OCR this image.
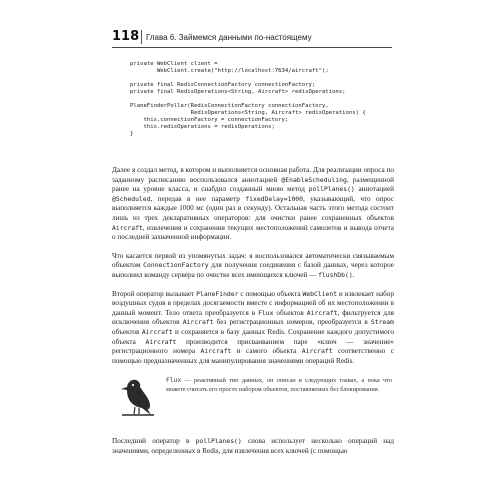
118 Глава 6. Займемся данными по-настоящему
private WebClient client =
WebClient.create("http://localhost:7634/aircraft");

private final RedisConnectionFactory connectionFactory;
private final RedisOperations<String, Aircraft> redisOperations;

PlaneFinderPoller(RedisConnectionFactory connectionFactory,
RedisOperations<String, Aircraft> redisOperations) {
this.connectionFactory = connectionFactory;
this.redisOperations = redisOperations;
}

Далее я создал метод, в котором и выполняется основная работа. Для реализации опроса по заданному расписанию воспользовался аннотацией @EnableScheduling, размещенной ранее на уровне класса, и снабдил созданный мною метод pollPlanes() аннотацией @Scheduled, передав в нее параметр fixedDelay=1000, указывающий, что опрос выполняется каждые 1000 мс (один раз в секунду). Остальная часть этого метода состоит лишь из трех декларативных операторов: для очистки ранее сохраненных объектов Aircraft, извлечения и сохранения текущих местоположений самолетов и вывода отчета о последней захваченной информации.

Что касается первой из упомянутых задач: я воспользовался автоматически связываемым объектом ConnectionFactory для получения соединения с базой данных, через которое выполнил команду сервера по очистке всех имеющихся ключей — flushDb().

Второй оператор вызывает PlaneFinder с помощью объекта WebClient и извлекает набор воздушных судов в пределах досягаемости вместе с информацией об их местоположении в данный момент. Тело ответа преобразуется в Flux объектов Aircraft, фильтруется для исключения объектов Aircraft без регистрационных номеров, преобразуется в Stream объектов Aircraft и сохраняется в базу данных Redis. Сохранение каждого допустимого объекта Aircraft производится присваиванием паре «ключ — значение» регистрационного номера Aircraft и самого объекта Aircraft соответственно с помощью предназначенных для манипулирования значениями операций Redis.

Flux — реактивный тип данных, он описан в следующих главах, а пока что можете считать его просто набором объектов, поставляемых без блокирования.

Последний оператор в pollPlanes() снова использует несколько операций над значениями, определенных в Redis, для извлечения всех ключей (с помощью
